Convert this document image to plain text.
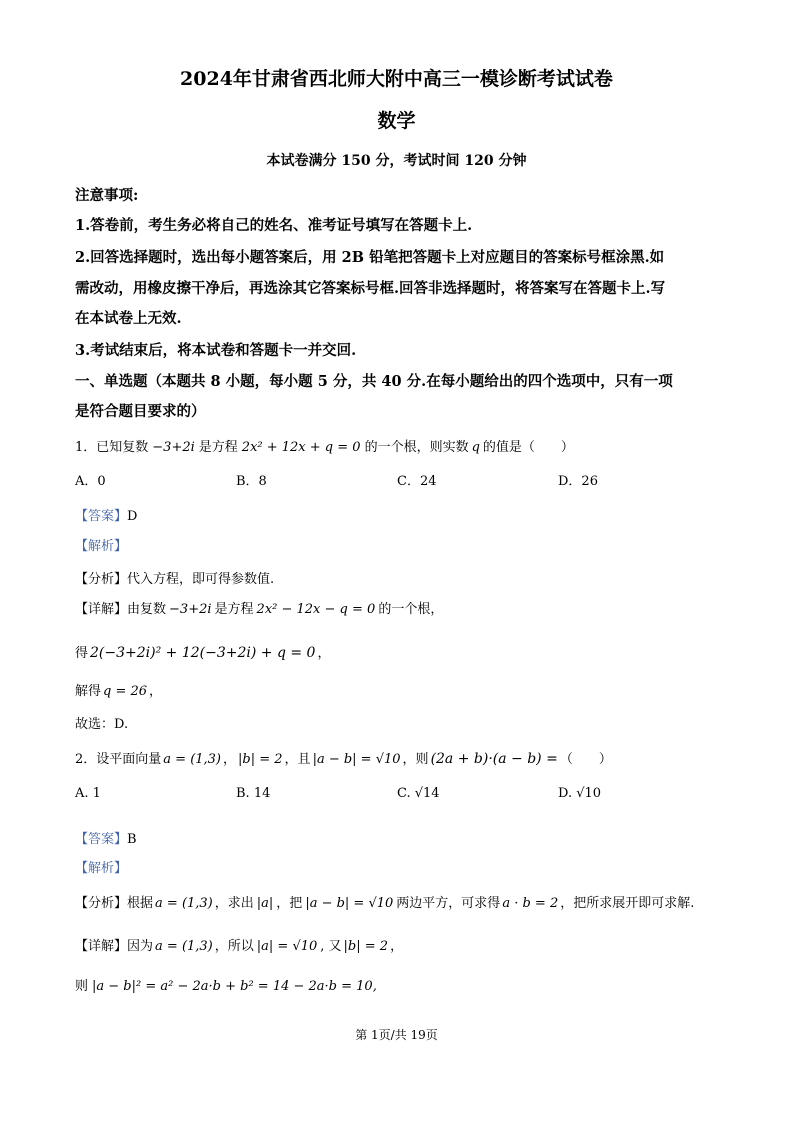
2024年甘肃省西北师大附中高三一模诊断考试试卷
数学
本试卷满分 150 分，考试时间 120 分钟
注意事项:
1.答卷前，考生务必将自己的姓名、准考证号填写在答题卡上.
2.回答选择题时，选出每小题答案后，用 2B 铅笔把答题卡上对应题目的答案标号框涂黑.如
需改动，用橡皮擦干净后，再选涂其它答案标号框.回答非选择题时，将答案写在答题卡上.写
在本试卷上无效.
3.考试结束后，将本试卷和答题卡一并交回.
一、单选题（本题共 8 小题，每小题 5 分，共 40 分.在每小题给出的四个选项中，只有一项
是符合题目要求的）
1．已知复数 −3+2i 是方程 2x² + 12x + q = 0 的一个根，则实数 q 的值是（　　）
A．0	B．8	C．24	D．26
【答案】D
【解析】
【分析】代入方程，即可得参数值.
【详解】由复数 −3+2i 是方程 2x² − 12x − q = 0 的一个根，
得 2(−3+2i)² + 12(−3+2i) + q = 0 ，
解得 q = 26 ，
故选：D.
2．设平面向量 a = (1,3) ， |b| = 2 ，且 |a − b| = √10 ，则 (2a + b)·(a − b) = （　　）
A. 1	B. 14	C. √14	D. √10
【答案】B
【解析】
【分析】根据 a = (1,3) ，求出 |a| ，把 |a − b| = √10 两边平方，可求得 a · b = 2 ，把所求展开即可求解.
【详解】因为 a = (1,3) ，所以 |a| = √10 , 又 |b| = 2 ，
则 |a − b|² = a² − 2a·b + b² = 14 − 2a·b = 10,
第 1页/共 19页
